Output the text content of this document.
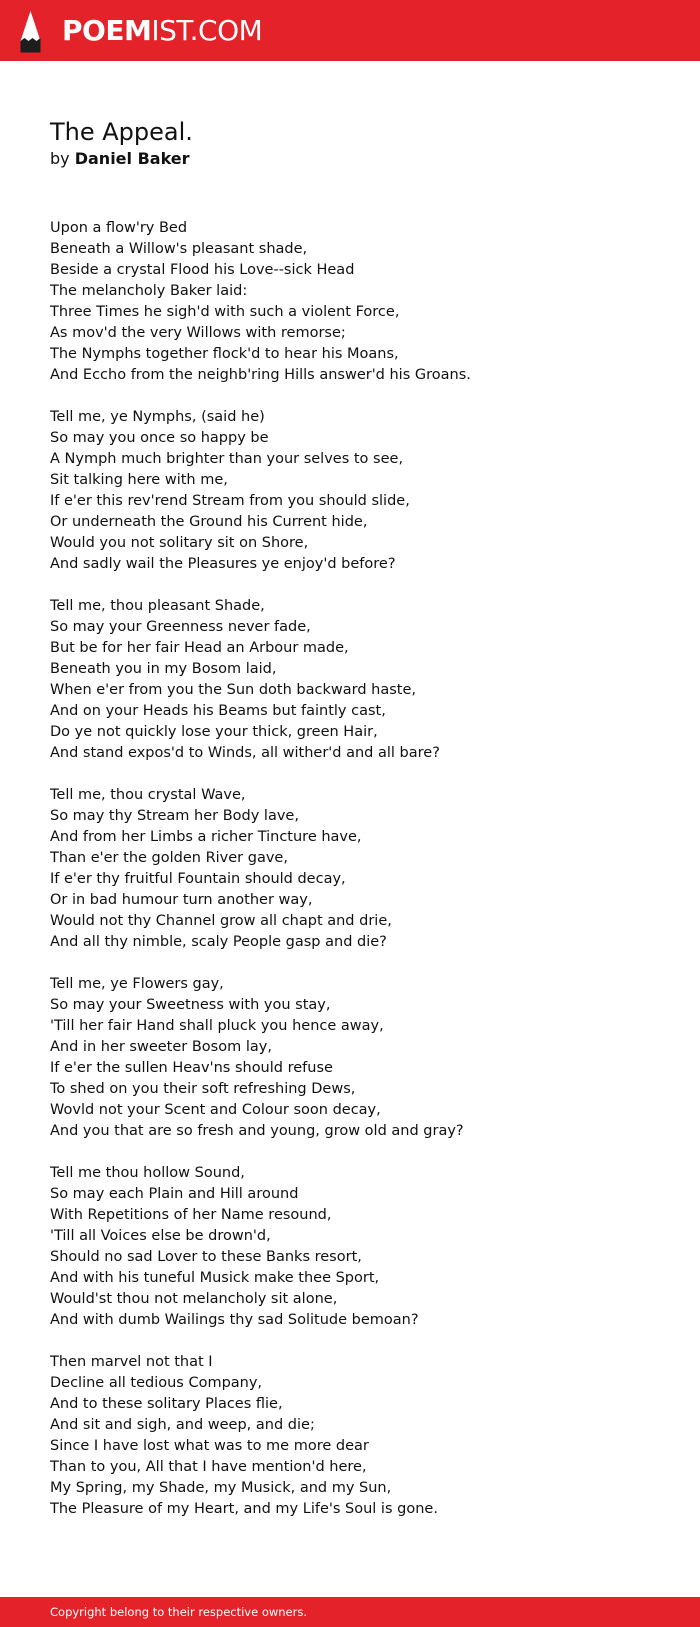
POEMIST.COM
The Appeal.
by Daniel Baker
Upon a flow'ry Bed
Beneath a Willow's pleasant shade,
Beside a crystal Flood his Love--sick Head
The melancholy Baker laid:
Three Times he sigh'd with such a violent Force,
As mov'd the very Willows with remorse;
The Nymphs together flock'd to hear his Moans,
And Eccho from the neighb'ring Hills answer'd his Groans.
Tell me, ye Nymphs, (said he)
So may you once so happy be
A Nymph much brighter than your selves to see,
Sit talking here with me,
If e'er this rev'rend Stream from you should slide,
Or underneath the Ground his Current hide,
Would you not solitary sit on Shore,
And sadly wail the Pleasures ye enjoy'd before?
Tell me, thou pleasant Shade,
So may your Greenness never fade,
But be for her fair Head an Arbour made,
Beneath you in my Bosom laid,
When e'er from you the Sun doth backward haste,
And on your Heads his Beams but faintly cast,
Do ye not quickly lose your thick, green Hair,
And stand expos'd to Winds, all wither'd and all bare?
Tell me, thou crystal Wave,
So may thy Stream her Body lave,
And from her Limbs a richer Tincture have,
Than e'er the golden River gave,
If e'er thy fruitful Fountain should decay,
Or in bad humour turn another way,
Would not thy Channel grow all chapt and drie,
And all thy nimble, scaly People gasp and die?
Tell me, ye Flowers gay,
So may your Sweetness with you stay,
'Till her fair Hand shall pluck you hence away,
And in her sweeter Bosom lay,
If e'er the sullen Heav'ns should refuse
To shed on you their soft refreshing Dews,
Wovld not your Scent and Colour soon decay,
And you that are so fresh and young, grow old and gray?
Tell me thou hollow Sound,
So may each Plain and Hill around
With Repetitions of her Name resound,
'Till all Voices else be drown'd,
Should no sad Lover to these Banks resort,
And with his tuneful Musick make thee Sport,
Would'st thou not melancholy sit alone,
And with dumb Wailings thy sad Solitude bemoan?
Then marvel not that I
Decline all tedious Company,
And to these solitary Places flie,
And sit and sigh, and weep, and die;
Since I have lost what was to me more dear
Than to you, All that I have mention'd here,
My Spring, my Shade, my Musick, and my Sun,
The Pleasure of my Heart, and my Life's Soul is gone.
Copyright belong to their respective owners.
